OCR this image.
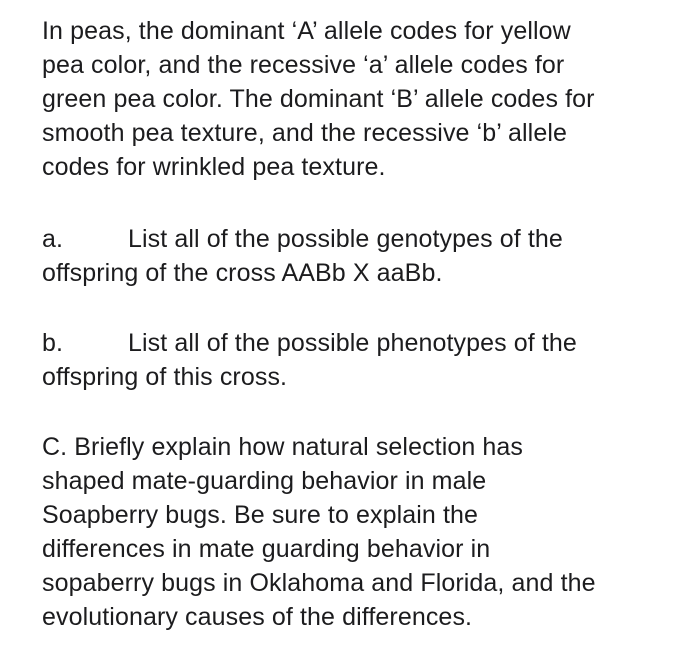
In peas, the dominant ‘A’ allele codes for yellow
pea color, and the recessive ‘a’ allele codes for
green pea color. The dominant ‘B’ allele codes for
smooth pea texture, and the recessive ‘b’ allele
codes for wrinkled pea texture.

a.	List all of the possible genotypes of the
offspring of the cross AABb X aaBb.

b.	List all of the possible phenotypes of the
offspring of this cross.

C. Briefly explain how natural selection has
shaped mate-guarding behavior in male
Soapberry bugs. Be sure to explain the
differences in mate guarding behavior in
sopaberry bugs in Oklahoma and Florida, and the
evolutionary causes of the differences.
